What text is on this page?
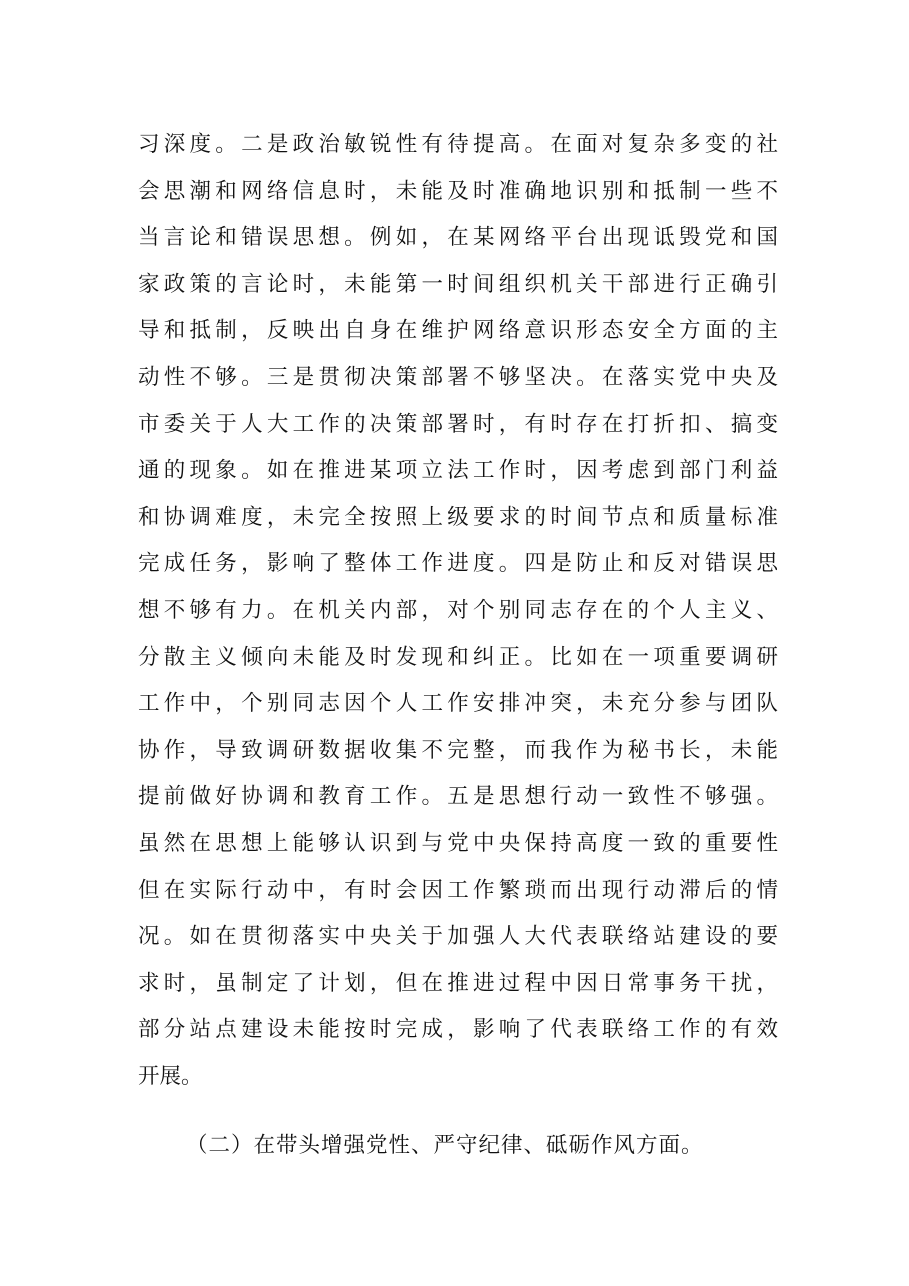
习深度。二是政治敏锐性有待提高。在面对复杂多变的社
会思潮和网络信息时，未能及时准确地识别和抵制一些不
当言论和错误思想。例如，在某网络平台出现诋毁党和国
家政策的言论时，未能第一时间组织机关干部进行正确引
导和抵制，反映出自身在维护网络意识形态安全方面的主
动性不够。三是贯彻决策部署不够坚决。在落实党中央及
市委关于人大工作的决策部署时，有时存在打折扣、搞变
通的现象。如在推进某项立法工作时，因考虑到部门利益
和协调难度，未完全按照上级要求的时间节点和质量标准
完成任务，影响了整体工作进度。四是防止和反对错误思
想不够有力。在机关内部，对个别同志存在的个人主义、
分散主义倾向未能及时发现和纠正。比如在一项重要调研
工作中，个别同志因个人工作安排冲突，未充分参与团队
协作，导致调研数据收集不完整，而我作为秘书长，未能
提前做好协调和教育工作。五是思想行动一致性不够强。
虽然在思想上能够认识到与党中央保持高度一致的重要性
但在实际行动中，有时会因工作繁琐而出现行动滞后的情
况。如在贯彻落实中央关于加强人大代表联络站建设的要
求时，虽制定了计划，但在推进过程中因日常事务干扰，
部分站点建设未能按时完成，影响了代表联络工作的有效
开展。
（二）在带头增强党性、严守纪律、砥砺作风方面。
